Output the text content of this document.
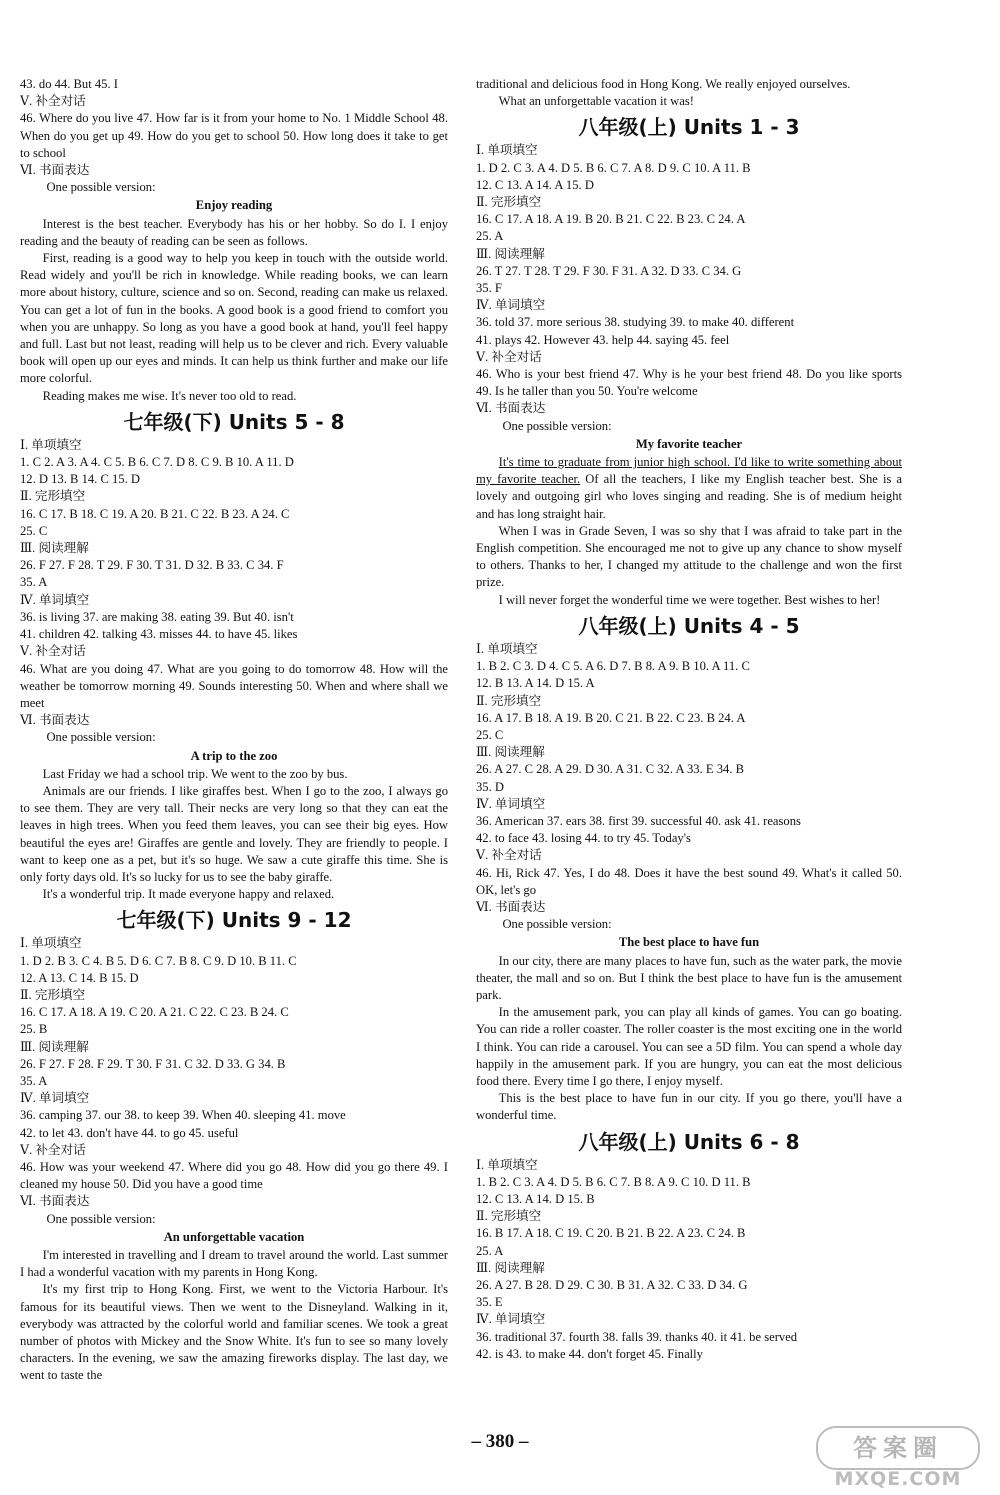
43. do 44. But 45. I
Ⅴ. 补全对话
46. Where do you live 47. How far is it from your home to No. 1 Middle School 48. When do you get up 49. How do you get to school 50. How long does it take to get to school
Ⅵ. 书面表达
One possible version:
Enjoy reading
Interest is the best teacher. Everybody has his or her hobby. So do I. I enjoy reading and the beauty of reading can be seen as follows.
First, reading is a good way to help you keep in touch with the outside world. Read widely and you'll be rich in knowledge. While reading books, we can learn more about history, culture, science and so on. Second, reading can make us relaxed. You can get a lot of fun in the books. A good book is a good friend to comfort you when you are unhappy. So long as you have a good book at hand, you'll feel happy and full. Last but not least, reading will help us to be clever and rich. Every valuable book will open up our eyes and minds. It can help us think further and make our life more colorful.
Reading makes me wise. It's never too old to read.
七年级(下) Units 5 - 8
Ⅰ. 单项填空
1. C 2. A 3. A 4. C 5. B 6. C 7. D 8. C 9. B 10. A 11. D
12. D 13. B 14. C 15. D
Ⅱ. 完形填空
16. C 17. B 18. C 19. A 20. B 21. C 22. B 23. A 24. C
25. C
Ⅲ. 阅读理解
26. F 27. F 28. T 29. F 30. T 31. D 32. B 33. C 34. F
35. A
Ⅳ. 单词填空
36. is living 37. are making 38. eating 39. But 40. isn't
41. children 42. talking 43. misses 44. to have 45. likes
Ⅴ. 补全对话
46. What are you doing 47. What are you going to do tomorrow 48. How will the weather be tomorrow morning 49. Sounds interesting 50. When and where shall we meet
Ⅵ. 书面表达
One possible version:
A trip to the zoo
Last Friday we had a school trip. We went to the zoo by bus.
Animals are our friends. I like giraffes best. When I go to the zoo, I always go to see them. They are very tall. Their necks are very long so that they can eat the leaves in high trees. When you feed them leaves, you can see their big eyes. How beautiful the eyes are! Giraffes are gentle and lovely. They are friendly to people. I want to keep one as a pet, but it's so huge. We saw a cute giraffe this time. She is only forty days old. It's so lucky for us to see the baby giraffe.
It's a wonderful trip. It made everyone happy and relaxed.
七年级(下) Units 9 - 12
Ⅰ. 单项填空
1. D 2. B 3. C 4. B 5. D 6. C 7. B 8. C 9. D 10. B 11. C
12. A 13. C 14. B 15. D
Ⅱ. 完形填空
16. C 17. A 18. A 19. C 20. A 21. C 22. C 23. B 24. C
25. B
Ⅲ. 阅读理解
26. F 27. F 28. F 29. T 30. F 31. C 32. D 33. G 34. B
35. A
Ⅳ. 单词填空
36. camping 37. our 38. to keep 39. When 40. sleeping 41. move
42. to let 43. don't have 44. to go 45. useful
Ⅴ. 补全对话
46. How was your weekend 47. Where did you go 48. How did you go there 49. I cleaned my house 50. Did you have a good time
Ⅵ. 书面表达
One possible version:
An unforgettable vacation
I'm interested in travelling and I dream to travel around the world. Last summer I had a wonderful vacation with my parents in Hong Kong.
It's my first trip to Hong Kong. First, we went to the Victoria Harbour. It's famous for its beautiful views. Then we went to the Disneyland. Walking in it, everybody was attracted by the colorful world and familiar scenes. We took a great number of photos with Mickey and the Snow White. It's fun to see so many lovely characters. In the evening, we saw the amazing fireworks display. The last day, we went to taste the
traditional and delicious food in Hong Kong. We really enjoyed ourselves.
What an unforgettable vacation it was!
八年级(上) Units 1 - 3
Ⅰ. 单项填空
1. D 2. C 3. A 4. D 5. B 6. C 7. A 8. D 9. C 10. A 11. B
12. C 13. A 14. A 15. D
Ⅱ. 完形填空
16. C 17. A 18. A 19. B 20. B 21. C 22. B 23. C 24. A
25. A
Ⅲ. 阅读理解
26. T 27. T 28. T 29. F 30. F 31. A 32. D 33. C 34. G
35. F
Ⅳ. 单词填空
36. told 37. more serious 38. studying 39. to make 40. different
41. plays 42. However 43. help 44. saying 45. feel
Ⅴ. 补全对话
46. Who is your best friend 47. Why is he your best friend 48. Do you like sports 49. Is he taller than you 50. You're welcome
Ⅵ. 书面表达
One possible version:
My favorite teacher
It's time to graduate from junior high school. I'd like to write something about my favorite teacher. Of all the teachers, I like my English teacher best. She is a lovely and outgoing girl who loves singing and reading. She is of medium height and has long straight hair.
When I was in Grade Seven, I was so shy that I was afraid to take part in the English competition. She encouraged me not to give up any chance to show myself to others. Thanks to her, I changed my attitude to the challenge and won the first prize.
I will never forget the wonderful time we were together. Best wishes to her!
八年级(上) Units 4 - 5
Ⅰ. 单项填空
1. B 2. C 3. D 4. C 5. A 6. D 7. B 8. A 9. B 10. A 11. C
12. B 13. A 14. D 15. A
Ⅱ. 完形填空
16. A 17. B 18. A 19. B 20. C 21. B 22. C 23. B 24. A
25. C
Ⅲ. 阅读理解
26. A 27. C 28. A 29. D 30. A 31. C 32. A 33. E 34. B
35. D
Ⅳ. 单词填空
36. American 37. ears 38. first 39. successful 40. ask 41. reasons
42. to face 43. losing 44. to try 45. Today's
Ⅴ. 补全对话
46. Hi, Rick 47. Yes, I do 48. Does it have the best sound 49. What's it called 50. OK, let's go
Ⅵ. 书面表达
One possible version:
The best place to have fun
In our city, there are many places to have fun, such as the water park, the movie theater, the mall and so on. But I think the best place to have fun is the amusement park.
In the amusement park, you can play all kinds of games. You can go boating. You can ride a roller coaster. The roller coaster is the most exciting one in the world I think. You can ride a carousel. You can see a 5D film. You can spend a whole day happily in the amusement park. If you are hungry, you can eat the most delicious food there. Every time I go there, I enjoy myself.
This is the best place to have fun in our city. If you go there, you'll have a wonderful time.
八年级(上) Units 6 - 8
Ⅰ. 单项填空
1. B 2. C 3. A 4. D 5. B 6. C 7. B 8. A 9. C 10. D 11. B
12. C 13. A 14. D 15. B
Ⅱ. 完形填空
16. B 17. A 18. C 19. C 20. B 21. B 22. A 23. C 24. B
25. A
Ⅲ. 阅读理解
26. A 27. B 28. D 29. C 30. B 31. A 32. C 33. D 34. G
35. E
Ⅳ. 单词填空
36. traditional 37. fourth 38. falls 39. thanks 40. it 41. be served
42. is 43. to make 44. don't forget 45. Finally
– 380 –	答案圈
MXQE.COM
